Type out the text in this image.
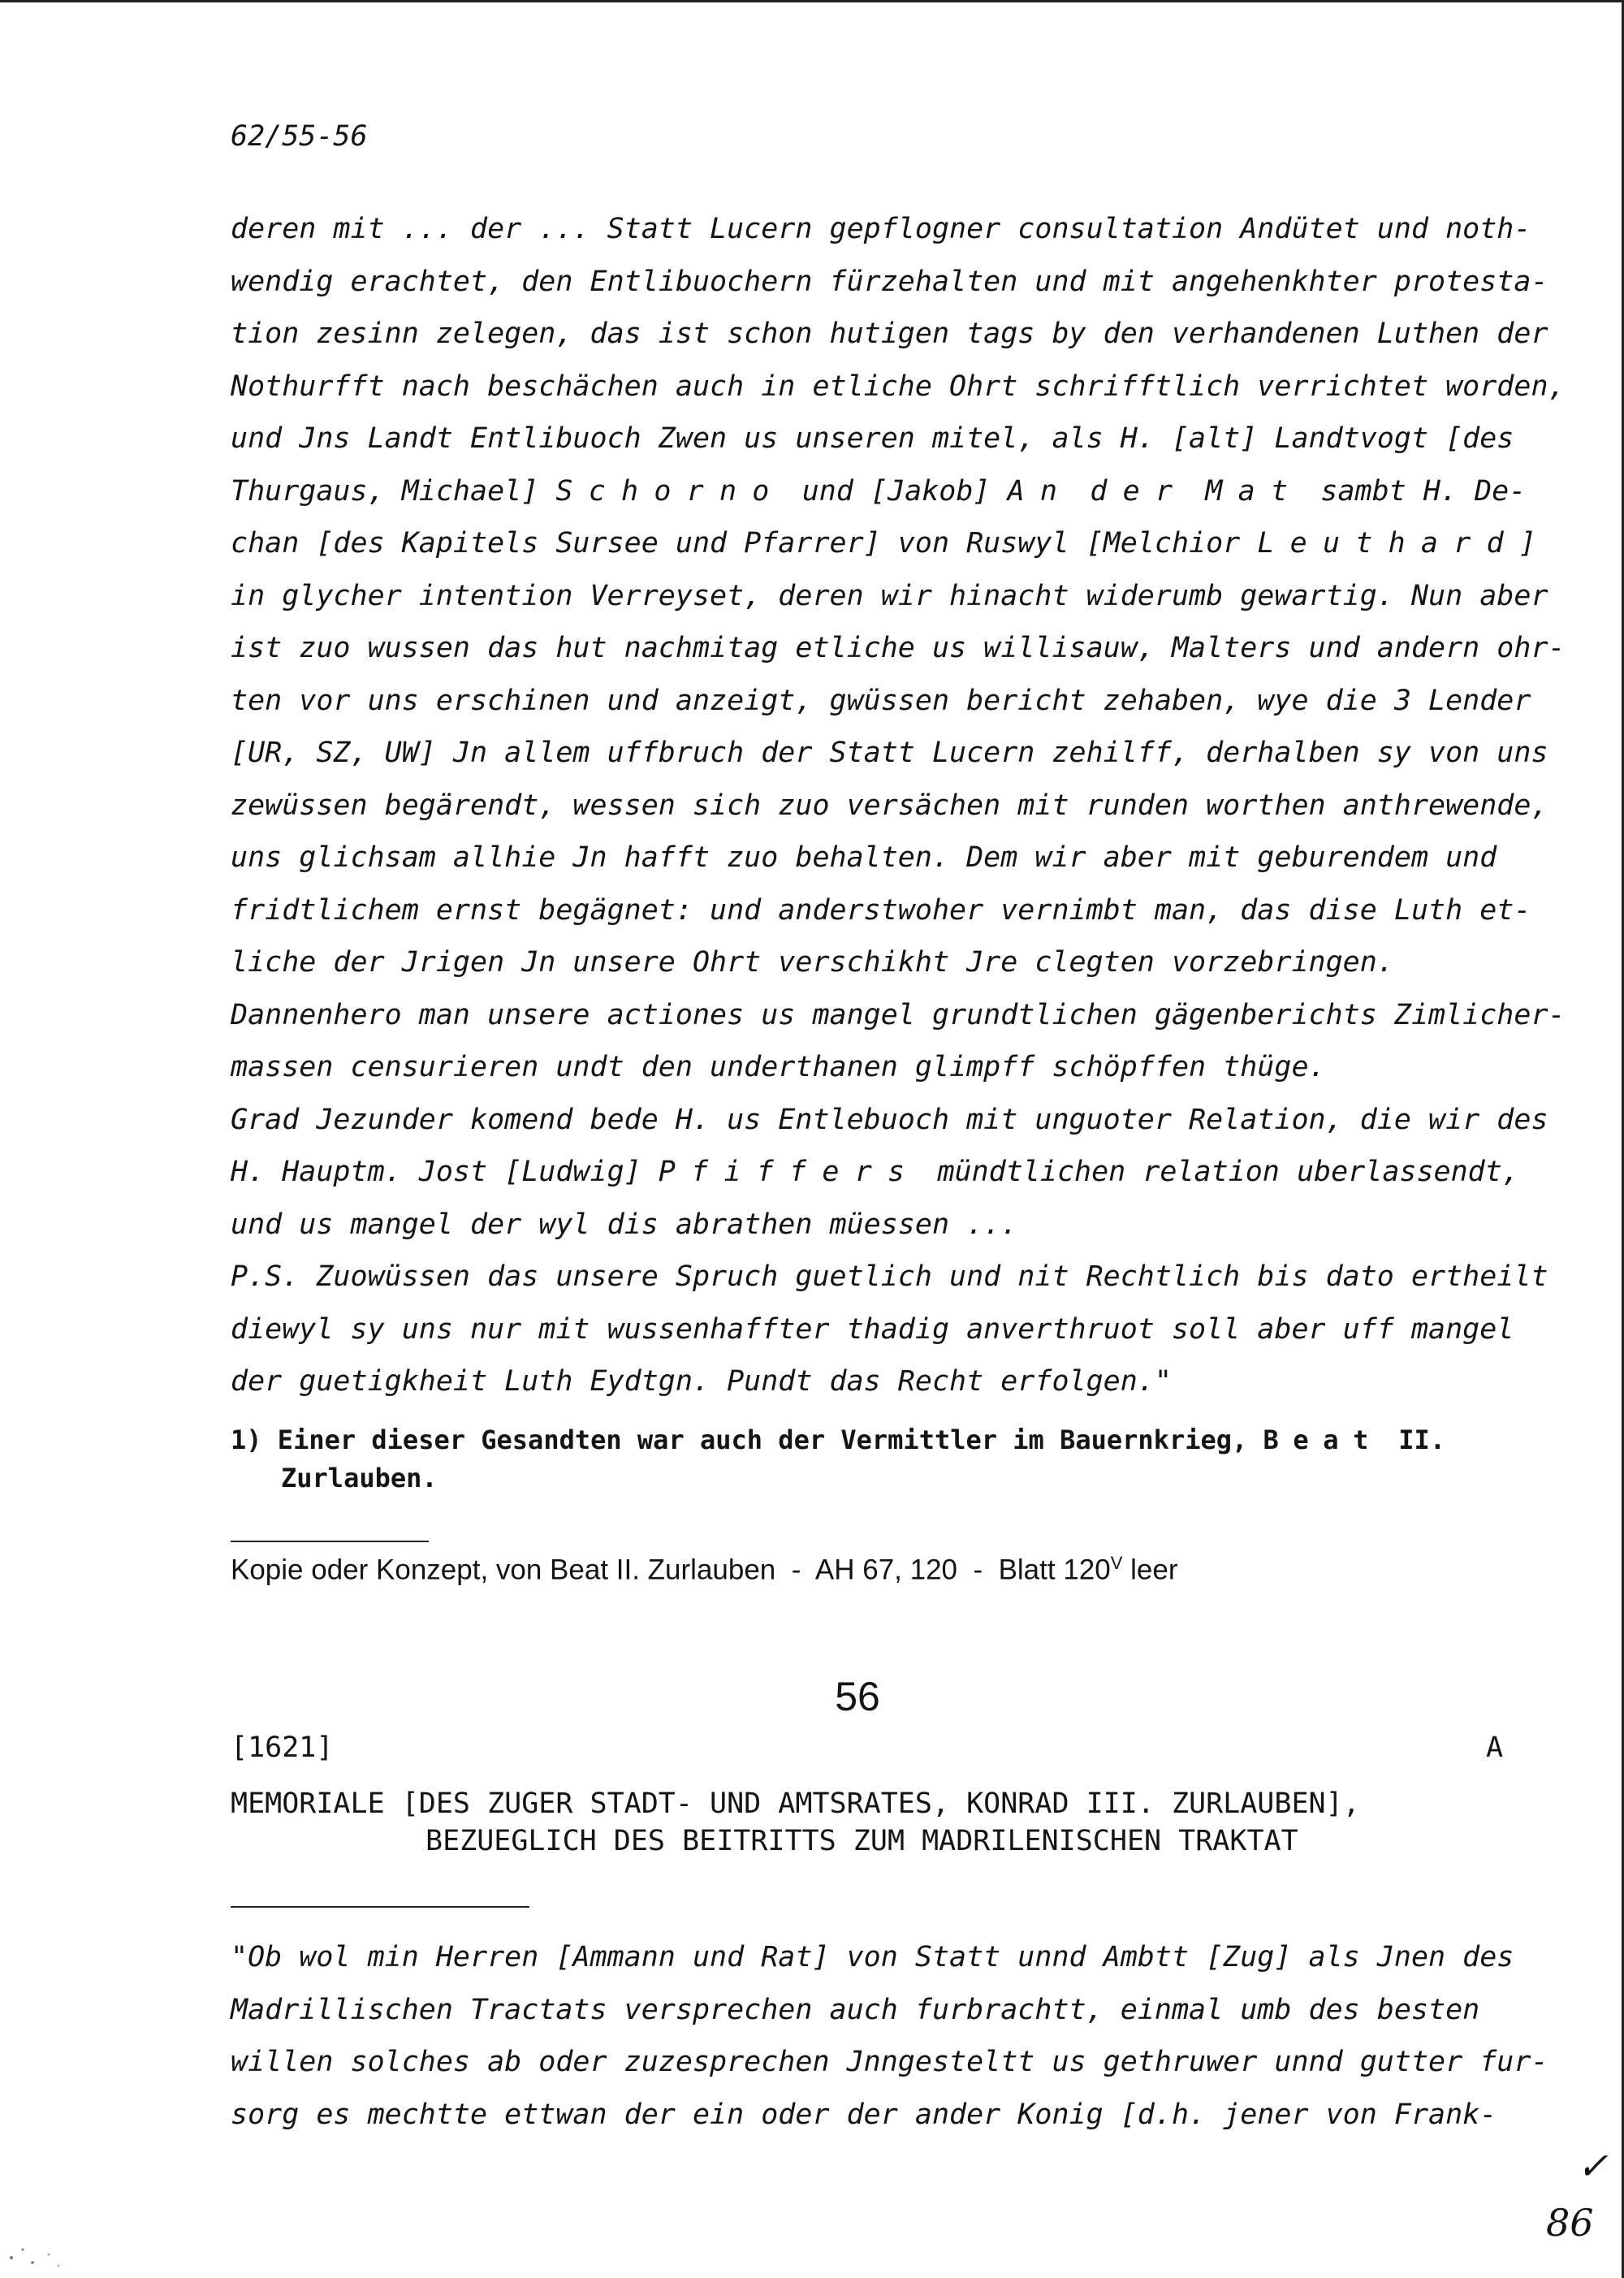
62/55-56
deren mit ... der ... Statt Lucern gepflogner consultation Andütet und noth-
wendig erachtet, den Entlibuochern fürzehalten und mit angehenkhter protesta-
tion zesinn zelegen, das ist schon hutigen tags by den verhandenen Luthen der
Nothurfft nach beschächen auch in etliche Ohrt schrifftlich verrichtet worden,
und Jns Landt Entlibuoch Zwen us unseren mitel, als H. [alt] Landtvogt [des
Thurgaus, Michael] Schorno und [Jakob] An der Mat sambt H. De-
chan [des Kapitels Sursee und Pfarrer] von Ruswyl [Melchior Leuthard]
in glycher intention Verreyset, deren wir hinacht widerumb gewartig. Nun aber
ist zuo wussen das hut nachmitag etliche us willisauw, Malters und andern ohr-
ten vor uns erschinen und anzeigt, gwüssen bericht zehaben, wye die 3 Lender
[UR, SZ, UW] Jn allem uffbruch der Statt Lucern zehilff, derhalben sy von uns
zewüssen begärendt, wessen sich zuo versächen mit runden worthen anthrewende,
uns glichsam allhie Jn hafft zuo behalten. Dem wir aber mit geburendem und
fridtlichem ernst begägnet: und anderstwoher vernimbt man, das dise Luth et-
liche der Jrigen Jn unsere Ohrt verschikht Jre clegten vorzebringen.
Dannenhero man unsere actiones us mangel grundtlichen gägenberichts Zimlicher-
massen censurieren undt den underthanen glimpff schöpffen thüge.
Grad Jezunder komend bede H. us Entlebuoch mit unguoter Relation, die wir des
H. Hauptm. Jost [Ludwig] Pfiffers mündtlichen relation uberlassendt,
und us mangel der wyl dis abrathen müessen ...
P.S. Zuowüssen das unsere Spruch guetlich und nit Rechtlich bis dato ertheilt
diewyl sy uns nur mit wussenhaffter thadig anverthruot soll aber uff mangel
der guetigkheit Luth Eydtgn. Pundt das Recht erfolgen."
1) Einer dieser Gesandten war auch der Vermittler im Bauernkrieg, Beat II.
Zurlauben.
Kopie oder Konzept, von Beat II. Zurlauben  -  AH 67, 120  -  Blatt $120^V$ leer
56
[1621]	A
MEMORIALE [DES ZUGER STADT- UND AMTSRATES, KONRAD III. ZURLAUBEN],
BEZUEGLICH DES BEITRITTS ZUM MADRILENISCHEN TRAKTAT
"Ob wol min Herren [Ammann und Rat] von Statt unnd Ambtt [Zug] als Jnen des
Madrillischen Tractats versprechen auch furbrachtt, einmal umb des besten
willen solches ab oder zuzesprechen Jnngesteltt us gethruwer unnd gutter fur-
sorg es mechtte ettwan der ein oder der ander Konig [d.h. jener von Frank-
✓
86
